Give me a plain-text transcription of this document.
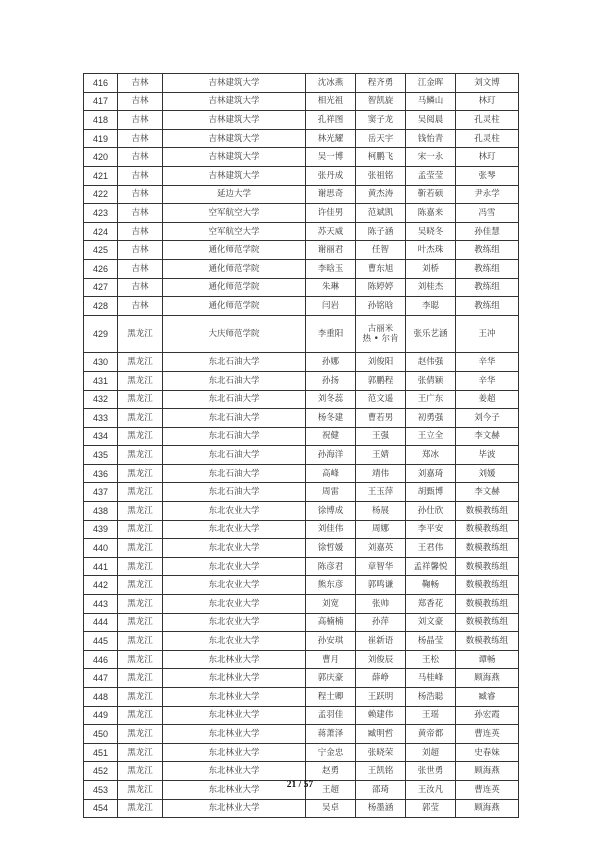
416	吉林	吉林建筑大学	沈冰燕	程齐勇	江金晖	刘文博
417	吉林	吉林建筑大学	相光祖	智凯旋	马鳞山	林玎
418	吉林	吉林建筑大学	孔祥图	窦子龙	吴阅晨	孔灵柱
419	吉林	吉林建筑大学	林光耀	岳天宇	钱怡青	孔灵柱
420	吉林	吉林建筑大学	吴一博	柯鹏飞	宋一永	林玎
421	吉林	吉林建筑大学	张丹成	张祖铭	孟莹莹	张琴
422	吉林	延边大学	谢思奇	黄杰涛	靳若硕	尹永学
423	吉林	空军航空大学	许佳男	范斌凯	陈嘉来	冯雪
424	吉林	空军航空大学	苏天威	陈子涵	吴晓冬	孙佳慧
425	吉林	通化师范学院	谢丽君	任智	叶杰珠	教练组
426	吉林	通化师范学院	李晗玉	曹东旭	刘桥	教练组
427	吉林	通化师范学院	朱琳	陈婷婷	刘桂杰	教练组
428	吉林	通化师范学院	闫岩	孙铭晗	李聪	教练组
429	黑龙江	大庆师范学院	李重阳	古丽米
热 • 尔肯	张乐艺涵	王冲
430	黑龙江	东北石油大学	孙娜	刘俊阳	赵伟强	辛华
431	黑龙江	东北石油大学	孙扬	郭鹏程	张倩颖	辛华
432	黑龙江	东北石油大学	刘冬蕊	范文遥	王广东	姜超
433	黑龙江	东北石油大学	杨冬建	曹若男	初勇强	刘今子
434	黑龙江	东北石油大学	祝健	王强	王立全	李文赫
435	黑龙江	东北石油大学	孙海洋	王婧	郑冰	毕波
436	黑龙江	东北石油大学	高峰	靖伟	刘嘉琦	刘媛
437	黑龙江	东北石油大学	周雷	王玉萍	胡甄博	李文赫
438	黑龙江	东北农业大学	徐博成	杨展	孙仕欣	数模教练组
439	黑龙江	东北农业大学	刘佳伟	周娜	李平安	数模教练组
440	黑龙江	东北农业大学	徐哲媛	刘嘉英	王君伟	数模教练组
441	黑龙江	东北农业大学	陈彦君	章智华	孟祥馨悦	数模教练组
442	黑龙江	东北农业大学	熊东彦	郭鸣谦	鞠畅	数模教练组
443	黑龙江	东北农业大学	刘宽	张帅	郑香花	数模教练组
444	黑龙江	东北农业大学	高楠楠	孙萍	刘文豪	数模教练组
445	黑龙江	东北农业大学	孙安琪	崔新语	杨晶莹	数模教练组
446	黑龙江	东北林业大学	曹月	刘俊辰	王松	谭畅
447	黑龙江	东北林业大学	郭庆豪	薛峥	马桂峰	顾海燕
448	黑龙江	东北林业大学	程士卿	王跃明	杨浩聪	臧睿
449	黑龙江	东北林业大学	孟羽佳	赖建伟	王瑶	孙宏霞
450	黑龙江	东北林业大学	蒋萧泽	臧明哲	黄帝都	曹连英
451	黑龙江	东北林业大学	宁金忠	张晓荣	刘超	史春妹
452	黑龙江	东北林业大学	赵勇	王凯铭	张世勇	顾海燕
453	黑龙江	东北林业大学	王超	邵琦	王汝凡	曹连英
454	黑龙江	东北林业大学	吴卓	杨墨涵	郭莹	顾海燕
21 / 57
